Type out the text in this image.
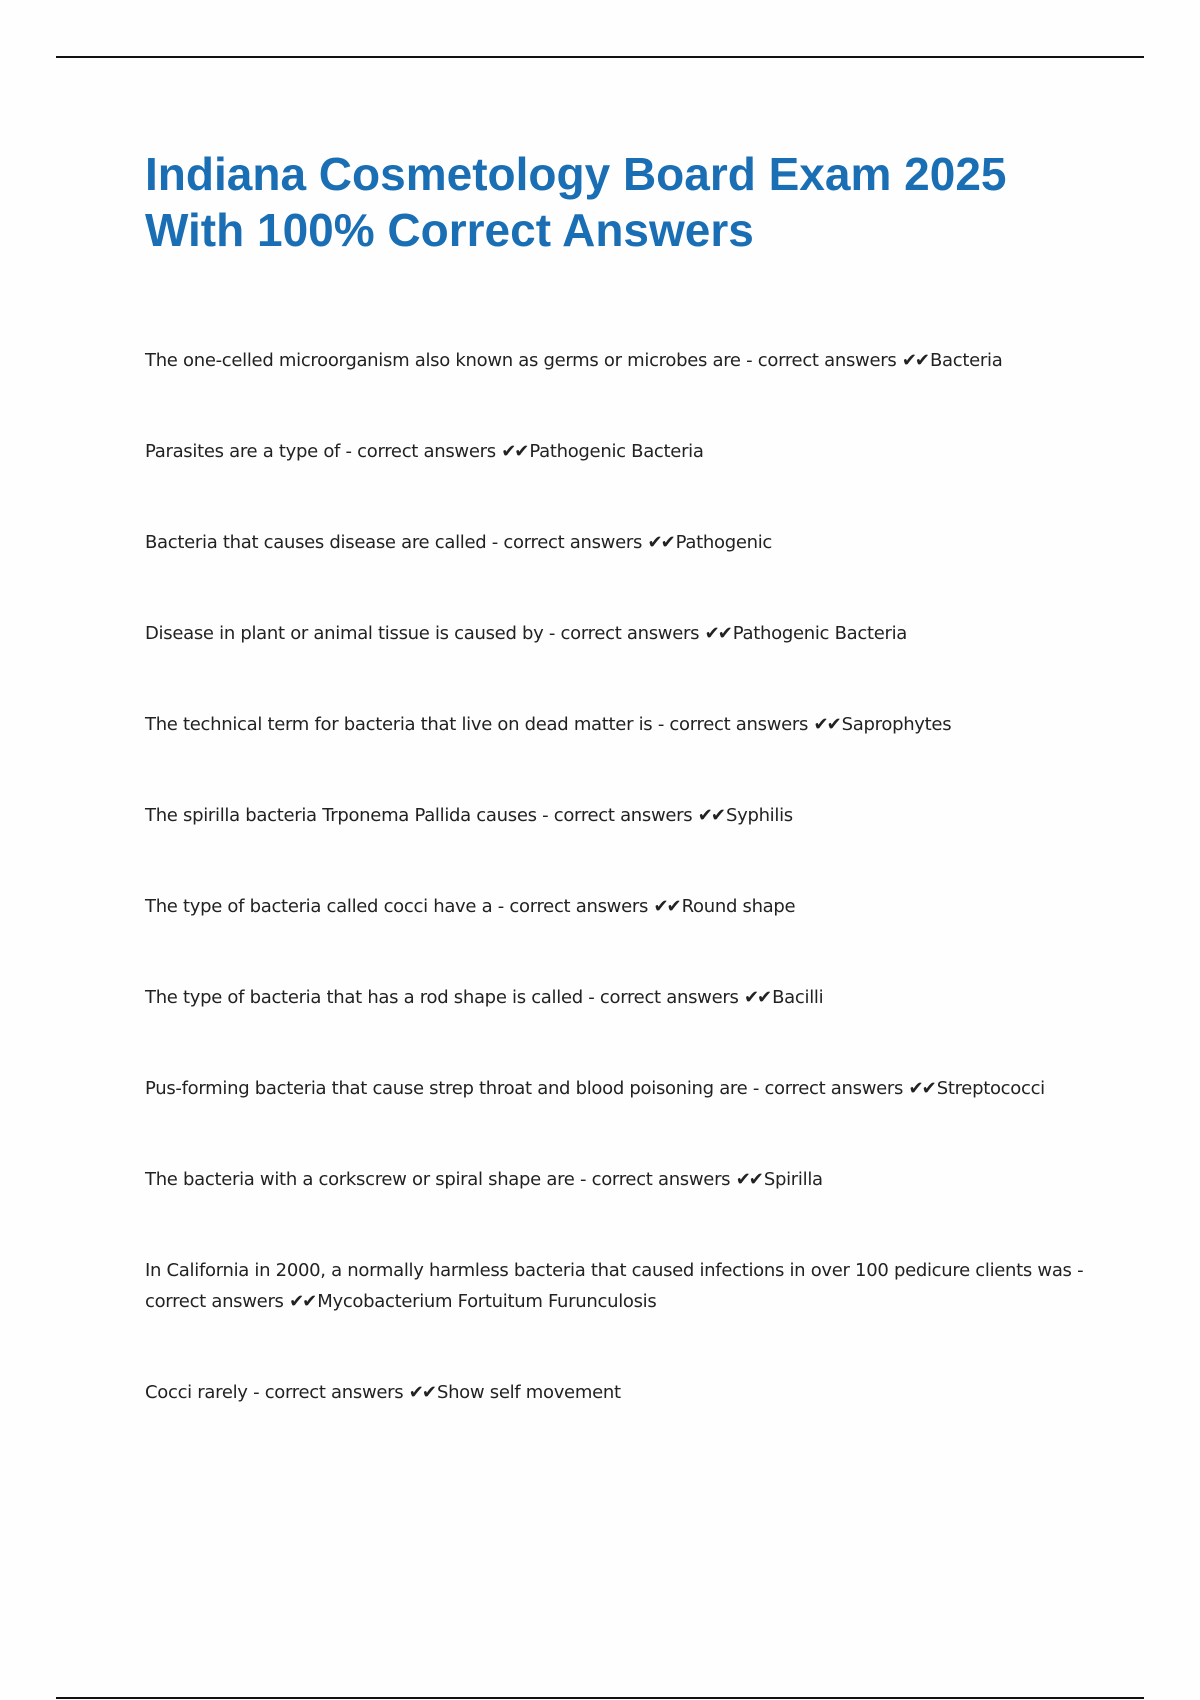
Indiana Cosmetology Board Exam 2025 With 100% Correct Answers

The one-celled microorganism also known as germs or microbes are - correct answers ✔✔ Bacteria

Parasites are a type of - correct answers ✔✔ Pathogenic Bacteria

Bacteria that causes disease are called - correct answers ✔✔ Pathogenic

Disease in plant or animal tissue is caused by - correct answers ✔✔ Pathogenic Bacteria

The technical term for bacteria that live on dead matter is - correct answers ✔✔ Saprophytes

The spirilla bacteria Trponema Pallida causes - correct answers ✔✔ Syphilis

The type of bacteria called cocci have a - correct answers ✔✔ Round shape

The type of bacteria that has a rod shape is called - correct answers ✔✔ Bacilli

Pus-forming bacteria that cause strep throat and blood poisoning are - correct answers ✔✔ Streptococci

The bacteria with a corkscrew or spiral shape are - correct answers ✔✔ Spirilla

In California in 2000, a normally harmless bacteria that caused infections in over 100 pedicure clients was - correct answers ✔✔ Mycobacterium Fortuitum Furunculosis

Cocci rarely - correct answers ✔✔ Show self movement
